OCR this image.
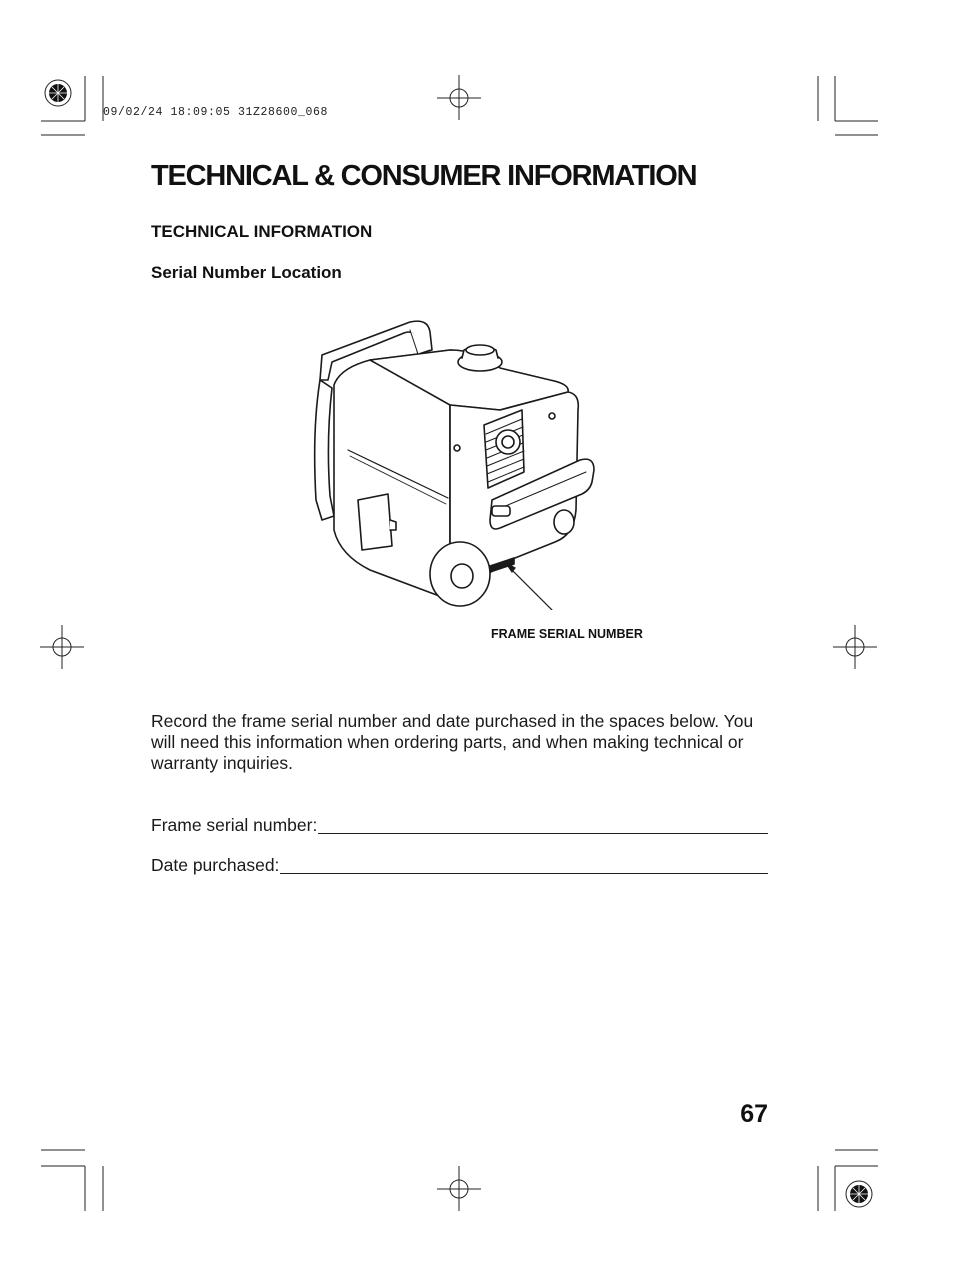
09/02/24 18:09:05 31Z28600_068
TECHNICAL & CONSUMER INFORMATION
TECHNICAL INFORMATION
Serial Number Location
FRAME SERIAL NUMBER

Record the frame serial number and date purchased in the spaces below. You will need this information when ordering parts, and when making technical or warranty inquiries.

Frame serial number:
Date purchased:
67
